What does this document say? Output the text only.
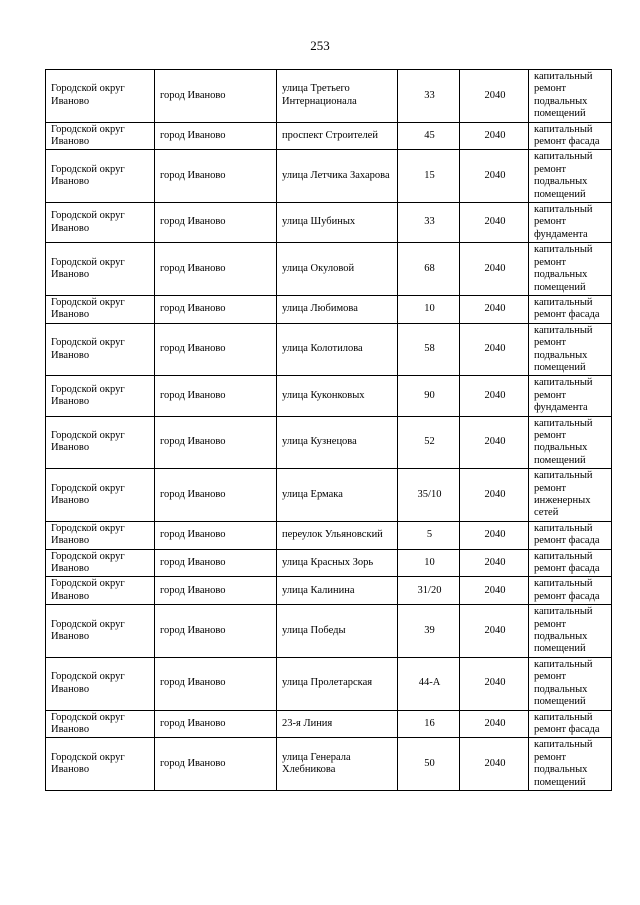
253
Городской округ Иваново	город Иваново	улица Третьего Интернационала	33	2040	капитальный ремонт подвальных помещений
Городской округ Иваново	город Иваново	проспект Строителей	45	2040	капитальный ремонт фасада
Городской округ Иваново	город Иваново	улица Летчика Захарова	15	2040	капитальный ремонт подвальных помещений
Городской округ Иваново	город Иваново	улица Шубиных	33	2040	капитальный ремонт фундамента
Городской округ Иваново	город Иваново	улица Окуловой	68	2040	капитальный ремонт подвальных помещений
Городской округ Иваново	город Иваново	улица Любимова	10	2040	капитальный ремонт фасада
Городской округ Иваново	город Иваново	улица Колотилова	58	2040	капитальный ремонт подвальных помещений
Городской округ Иваново	город Иваново	улица Куконковых	90	2040	капитальный ремонт фундамента
Городской округ Иваново	город Иваново	улица Кузнецова	52	2040	капитальный ремонт подвальных помещений
Городской округ Иваново	город Иваново	улица Ермака	35/10	2040	капитальный ремонт инженерных сетей
Городской округ Иваново	город Иваново	переулок Ульяновский	5	2040	капитальный ремонт фасада
Городской округ Иваново	город Иваново	улица Красных Зорь	10	2040	капитальный ремонт фасада
Городской округ Иваново	город Иваново	улица Калинина	31/20	2040	капитальный ремонт фасада
Городской округ Иваново	город Иваново	улица Победы	39	2040	капитальный ремонт подвальных помещений
Городской округ Иваново	город Иваново	улица Пролетарская	44-А	2040	капитальный ремонт подвальных помещений
Городской округ Иваново	город Иваново	23-я Линия	16	2040	капитальный ремонт фасада
Городской округ Иваново	город Иваново	улица Генерала Хлебникова	50	2040	капитальный ремонт подвальных помещений
